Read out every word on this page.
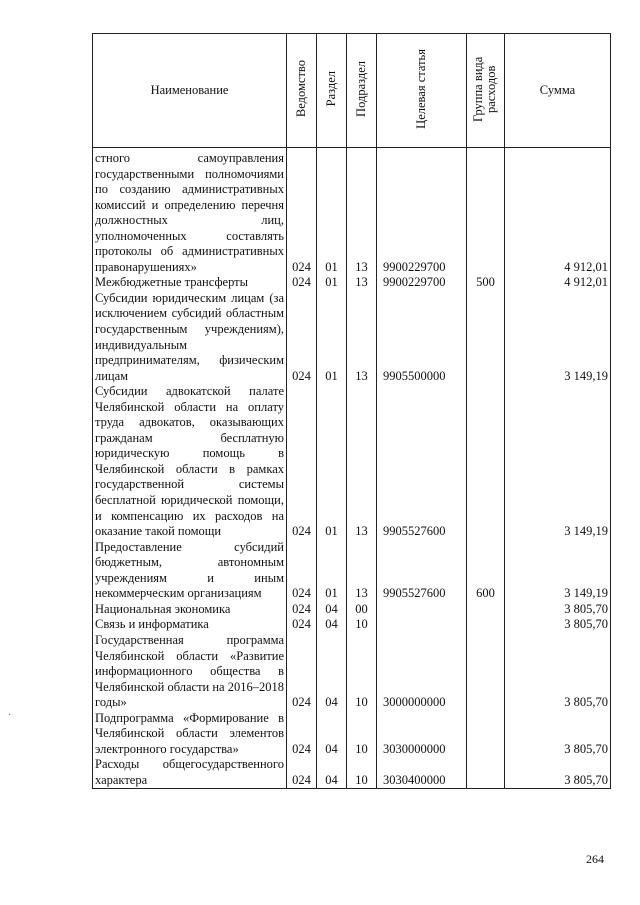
Наименование	Ведомство	Раздел	Подраздел	Целевая статья	Группа вида расходов	Сумма
стного самоуправления государственными полномочиями по созданию административных комиссий и определению перечня должностных лиц, уполномоченных составлять протоколы об административных правонарушениях»	024	01	13	9900229700		4 912,01
Межбюджетные трансферты	024	01	13	9900229700	500	4 912,01
Субсидии юридическим лицам (за исключением субсидий областным государственным учреждениям), индивидуальным предпринимателям, физическим лицам	024	01	13	9905500000		3 149,19
Субсидии адвокатской палате Челябинской области на оплату труда адвокатов, оказывающих гражданам бесплатную юридическую помощь в Челябинской области в рамках государственной системы бесплатной юридической помощи, и компенсацию их расходов на оказание такой помощи	024	01	13	9905527600		3 149,19
Предоставление субсидий бюджетным, автономным учреждениям и иным некоммерческим организациям	024	01	13	9905527600	600	3 149,19
Национальная экономика	024	04	00			3 805,70
Связь и информатика	024	04	10			3 805,70
Государственная программа Челябинской области «Развитие информационного общества в Челябинской области на 2016–2018 годы»	024	04	10	3000000000		3 805,70
Подпрограмма «Формирование в Челябинской области элементов электронного государства»	024	04	10	3030000000		3 805,70
Расходы общегосударственного характера	024	04	10	3030400000		3 805,70
264
·
